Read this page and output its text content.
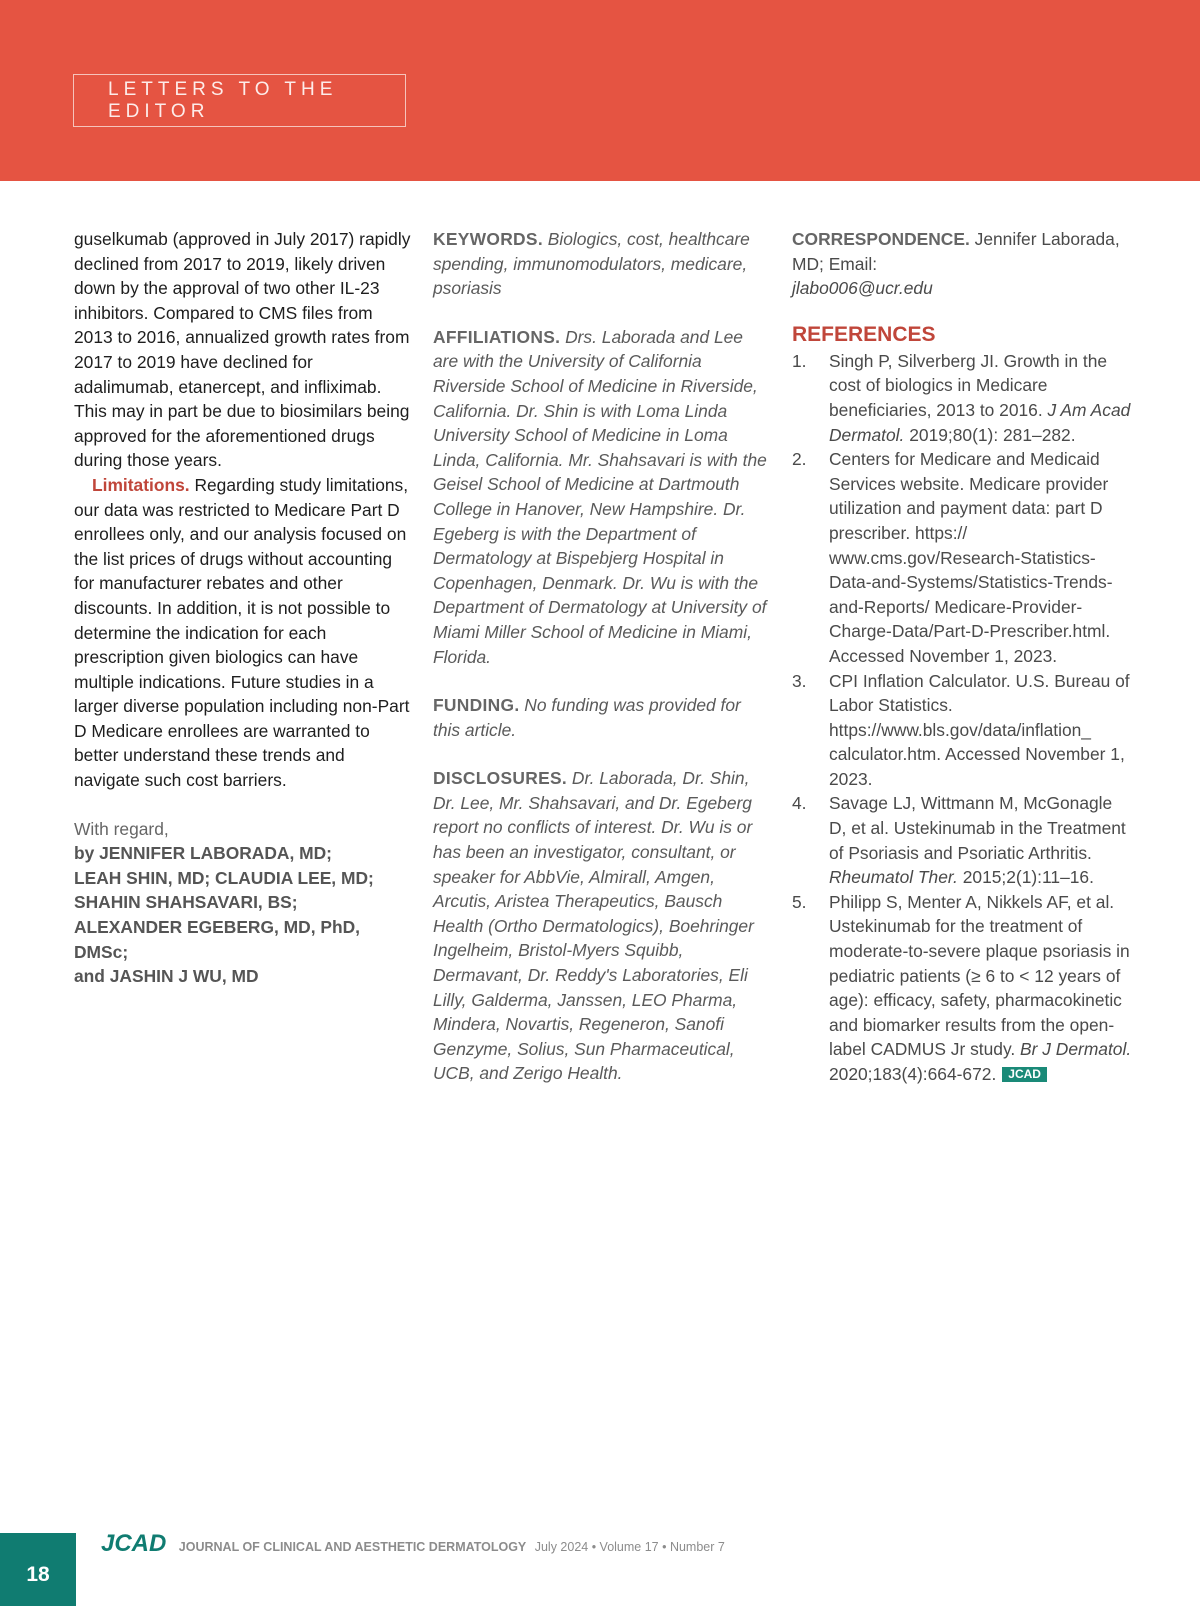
LETTERS TO THE EDITOR

guselkumab (approved in July 2017) rapidly declined from 2017 to 2019, likely driven down by the approval of two other IL-23 inhibitors. Compared to CMS files from 2013 to 2016, annualized growth rates from 2017 to 2019 have declined for adalimumab, etanercept, and infliximab. This may in part be due to biosimilars being approved for the aforementioned drugs during those years.

Limitations. Regarding study limitations, our data was restricted to Medicare Part D enrollees only, and our analysis focused on the list prices of drugs without accounting for manufacturer rebates and other discounts. In addition, it is not possible to determine the indication for each prescription given biologics can have multiple indications. Future studies in a larger diverse population including non-Part D Medicare enrollees are warranted to better understand these trends and navigate such cost barriers.

With regard,

by JENNIFER LABORADA, MD;
LEAH SHIN, MD; CLAUDIA LEE, MD;
SHAHIN SHAHSAVARI, BS;
ALEXANDER EGEBERG, MD, PhD, DMSc;
and JASHIN J WU, MD

KEYWORDS. Biologics, cost, healthcare spending, immunomodulators, medicare, psoriasis

AFFILIATIONS. Drs. Laborada and Lee are with the University of California Riverside School of Medicine in Riverside, California. Dr. Shin is with Loma Linda University School of Medicine in Loma Linda, California. Mr. Shahsavari is with the Geisel School of Medicine at Dartmouth College in Hanover, New Hampshire. Dr. Egeberg is with the Department of Dermatology at Bispebjerg Hospital in Copenhagen, Denmark. Dr. Wu is with the Department of Dermatology at University of Miami Miller School of Medicine in Miami, Florida.

FUNDING. No funding was provided for this article.

DISCLOSURES. Dr. Laborada, Dr. Shin, Dr. Lee, Mr. Shahsavari, and Dr. Egeberg report no conflicts of interest. Dr. Wu is or has been an investigator, consultant, or speaker for AbbVie, Almirall, Amgen, Arcutis, Aristea Therapeutics, Bausch Health (Ortho Dermatologics), Boehringer Ingelheim, Bristol-Myers Squibb, Dermavant, Dr. Reddy's Laboratories, Eli Lilly, Galderma, Janssen, LEO Pharma, Mindera, Novartis, Regeneron, Sanofi Genzyme, Solius, Sun Pharmaceutical, UCB, and Zerigo Health.

CORRESPONDENCE. Jennifer Laborada, MD; Email:
jlabo006@ucr.edu

REFERENCES
1.	Singh P, Silverberg JI. Growth in the cost of biologics in Medicare beneficiaries, 2013 to 2016. J Am Acad Dermatol. 2019;80(1): 281–282.
2.	Centers for Medicare and Medicaid Services website. Medicare provider utilization and payment data: part D prescriber. https:// www.cms.gov/Research-Statistics-Data-and-Systems/Statistics-Trends-and-Reports/ Medicare-Provider- Charge-Data/Part-D-Prescriber.html. Accessed November 1, 2023.
3.	CPI Inflation Calculator. U.S. Bureau of Labor Statistics. https://www.bls.gov/data/inflation_ calculator.htm. Accessed November 1, 2023.
4.	Savage LJ, Wittmann M, McGonagle D, et al. Ustekinumab in the Treatment of Psoriasis and Psoriatic Arthritis. Rheumatol Ther. 2015;2(1):11–16.
5.	Philipp S, Menter A, Nikkels AF, et al. Ustekinumab for the treatment of moderate-to-severe plaque psoriasis in pediatric patients (≥ 6 to < 12 years of age): efficacy, safety, pharmacokinetic and biomarker results from the open-label CADMUS Jr study. Br J Dermatol. 2020;183(4):664-672. JCAD
18
JCAD JOURNAL OF CLINICAL AND AESTHETIC DERMATOLOGY July 2024 • Volume 17 • Number 7
